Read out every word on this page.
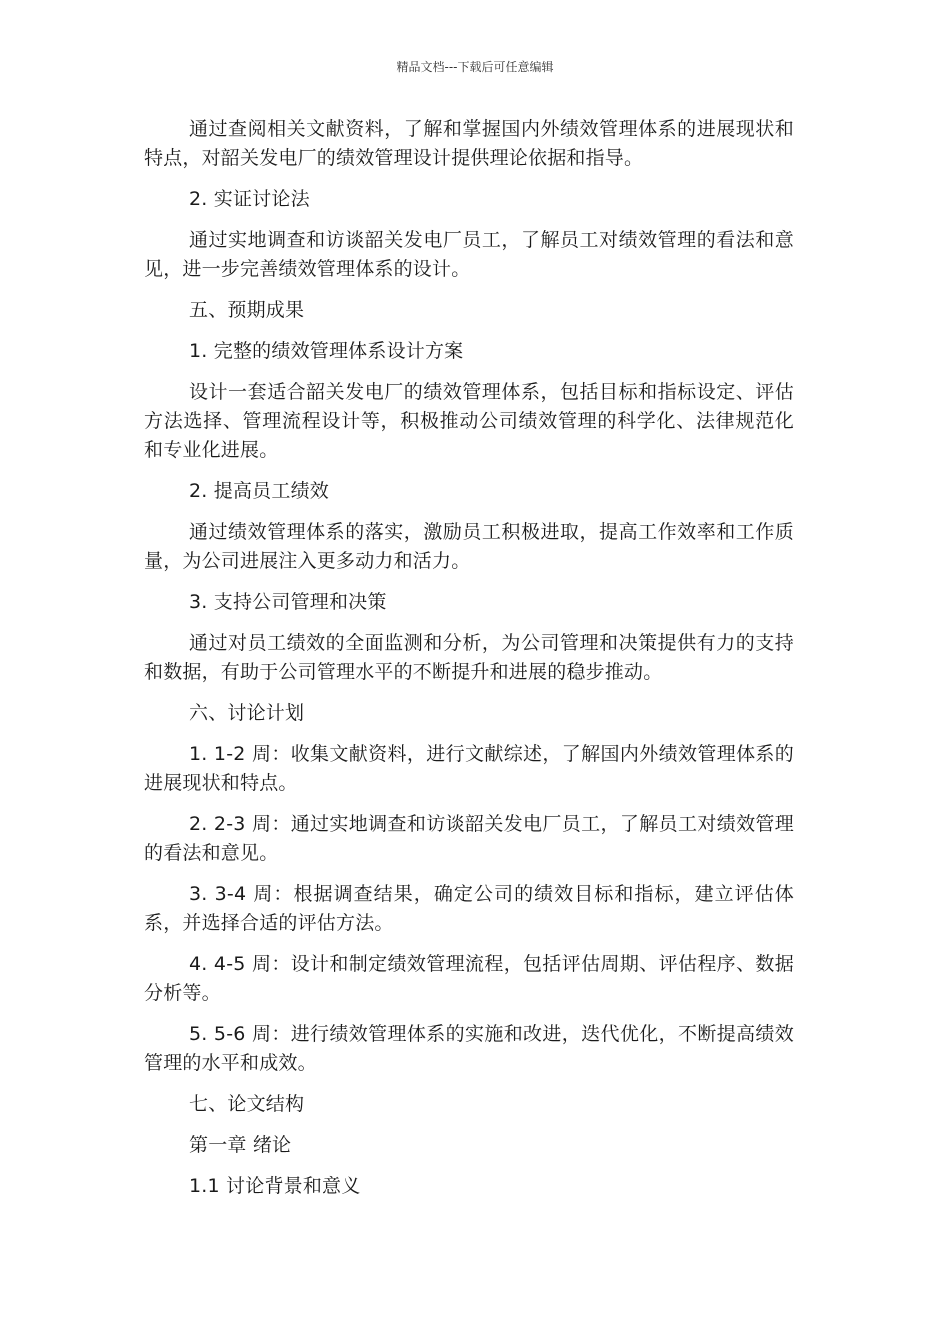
精品文档---下载后可任意编辑

通过查阅相关文献资料，了解和掌握国内外绩效管理体系的进展现状和特点，对韶关发电厂的绩效管理设计提供理论依据和指导。

2. 实证讨论法

通过实地调查和访谈韶关发电厂员工，了解员工对绩效管理的看法和意见，进一步完善绩效管理体系的设计。

五、预期成果

1. 完整的绩效管理体系设计方案

设计一套适合韶关发电厂的绩效管理体系，包括目标和指标设定、评估方法选择、管理流程设计等，积极推动公司绩效管理的科学化、法律规范化和专业化进展。

2. 提高员工绩效

通过绩效管理体系的落实，激励员工积极进取，提高工作效率和工作质量，为公司进展注入更多动力和活力。

3. 支持公司管理和决策

通过对员工绩效的全面监测和分析，为公司管理和决策提供有力的支持和数据，有助于公司管理水平的不断提升和进展的稳步推动。

六、讨论计划

1. 1-2 周：收集文献资料，进行文献综述，了解国内外绩效管理体系的进展现状和特点。

2. 2-3 周：通过实地调查和访谈韶关发电厂员工，了解员工对绩效管理的看法和意见。

3. 3-4 周：根据调查结果，确定公司的绩效目标和指标，建立评估体系，并选择合适的评估方法。

4. 4-5 周：设计和制定绩效管理流程，包括评估周期、评估程序、数据分析等。

5. 5-6 周：进行绩效管理体系的实施和改进，迭代优化，不断提高绩效管理的水平和成效。

七、论文结构

第一章 绪论

1.1 讨论背景和意义
